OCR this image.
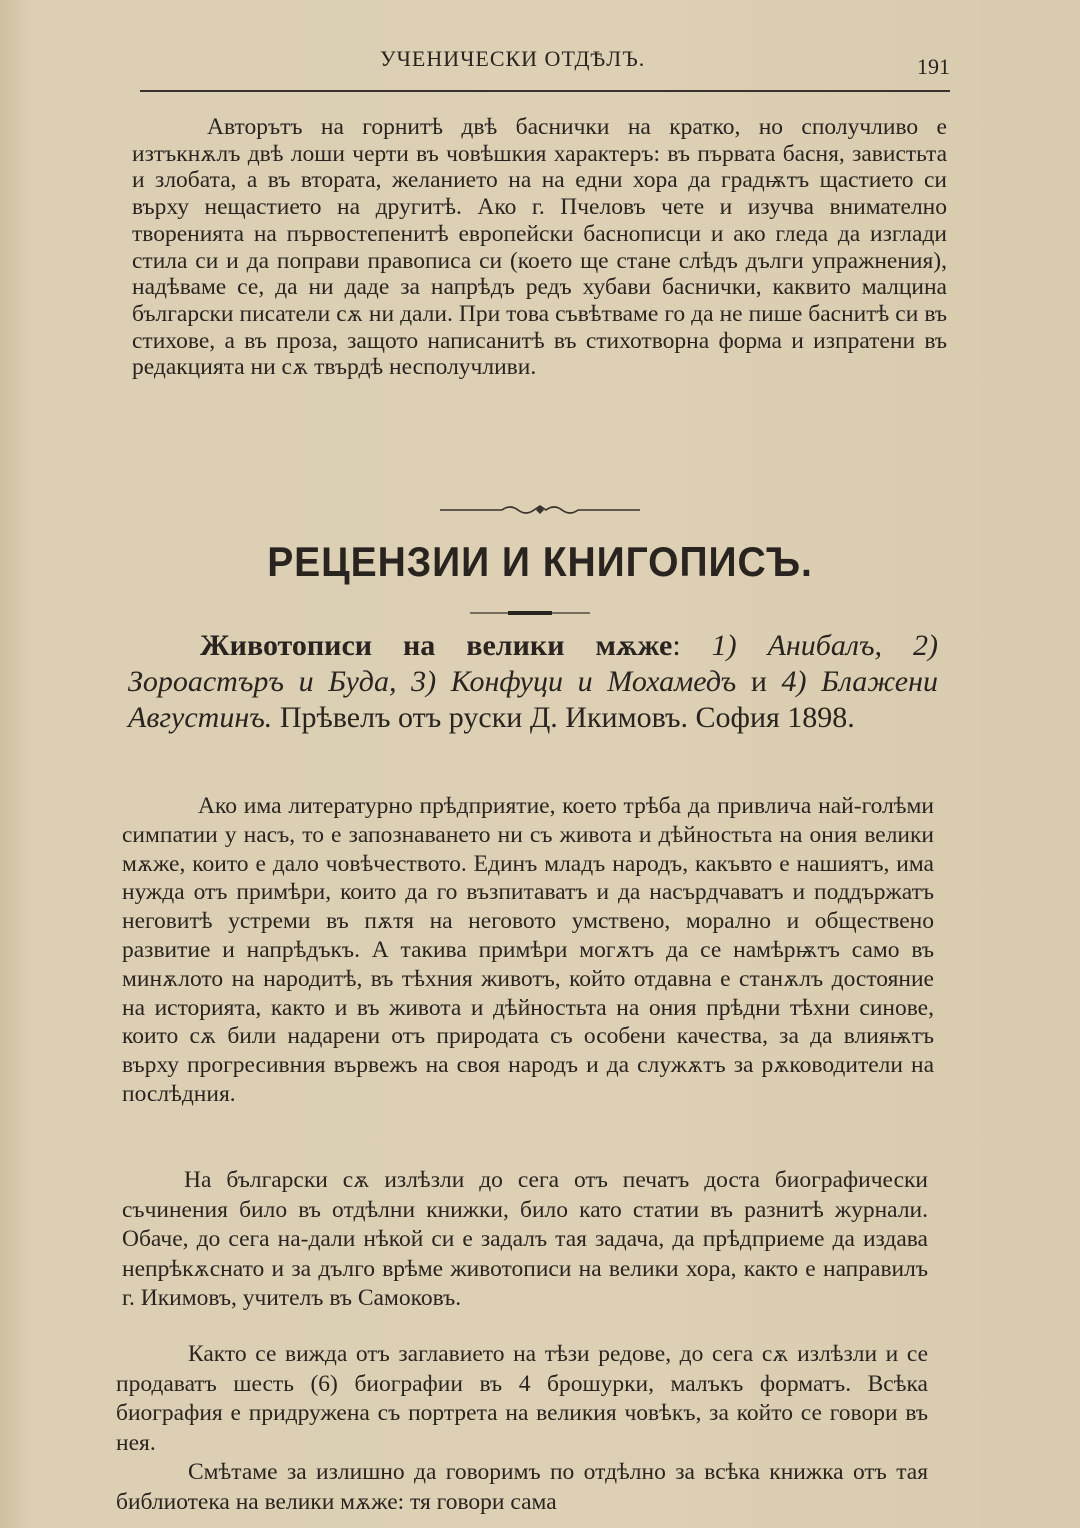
УЧЕНИЧЕСКИ ОТДѢЛЪ.	191

Авторътъ на горнитѣ двѣ баснички на кратко, но сполучливо е изтъкнѫлъ двѣ лоши черти въ човѣшкия характеръ: въ първата басня, завистьта и злобата, а въ втората, желанието на на едни хора да градѭтъ щастието си върху нещастието на другитѣ. Ако г. Пчеловъ чете и изучва внимателно творенията на първостепенитѣ европейски баснописци и ако гледа да изглади стила си и да поправи правописа си (което ще стане слѣдъ дълги упражнения), надѣваме се, да ни даде за напрѣдъ редъ хубави баснички, каквито малцина български писатели сѫ ни дали. При това съвѣтваме го да не пише баснитѣ си въ стихове, а въ проза, защото написанитѣ въ стихотворна форма и изпратени въ редакцията ни сѫ твърдѣ несполучливи.

РЕЦЕНЗИИ И КНИГОПИСЪ.

Животописи на велики мѫже: 1) Анибалъ, 2) Зороастъръ и Буда, 3) Конфуци и Мохамедъ и 4) Блажени Августинъ. Прѣвелъ отъ руски Д. Икимовъ. София 1898.

Ако има литературно прѣдприятие, което трѣба да привлича най-голѣми симпатии у насъ, то е запознаването ни съ живота и дѣйностьта на ония велики мѫже, които е дало човѣчеството. Единъ младъ народъ, какъвто е нашиятъ, има нужда отъ примѣри, които да го възпитаватъ и да насърдчаватъ и поддържатъ неговитѣ устреми въ пѫтя на неговото умствено, морално и обществено развитие и напрѣдъкъ. А такива примѣри могѫтъ да се намѣрѭтъ само въ минѫлото на народитѣ, въ тѣхния животъ, който отдавна е станѫлъ достояние на историята, както и въ живота и дѣйностьта на ония прѣдни тѣхни синове, които сѫ били надарени отъ природата съ особени качества, за да влияѭтъ върху прогресивния вървежъ на своя народъ и да служѫтъ за рѫководители на послѣдния.

На български сѫ излѣзли до сега отъ печатъ доста биографически съчинения било въ отдѣлни книжки, било като статии въ разнитѣ журнали. Обаче, до сега на-дали нѣкой си е задалъ тая задача, да прѣдприеме да издава непрѣкѫснато и за дълго врѣме животописи на велики хора, както е направилъ г. Икимовъ, учителъ въ Самоковъ.

Както се вижда отъ заглавието на тѣзи редове, до сега сѫ излѣзли и се продаватъ шесть (6) биографии въ 4 брошурки, малъкъ форматъ. Всѣка биография е придружена съ портрета на великия човѣкъ, за който се говори въ нея.

Смѣтаме за излишно да говоримъ по отдѣлно за всѣка книжка отъ тая библиотека на велики мѫже: тя говори сама
